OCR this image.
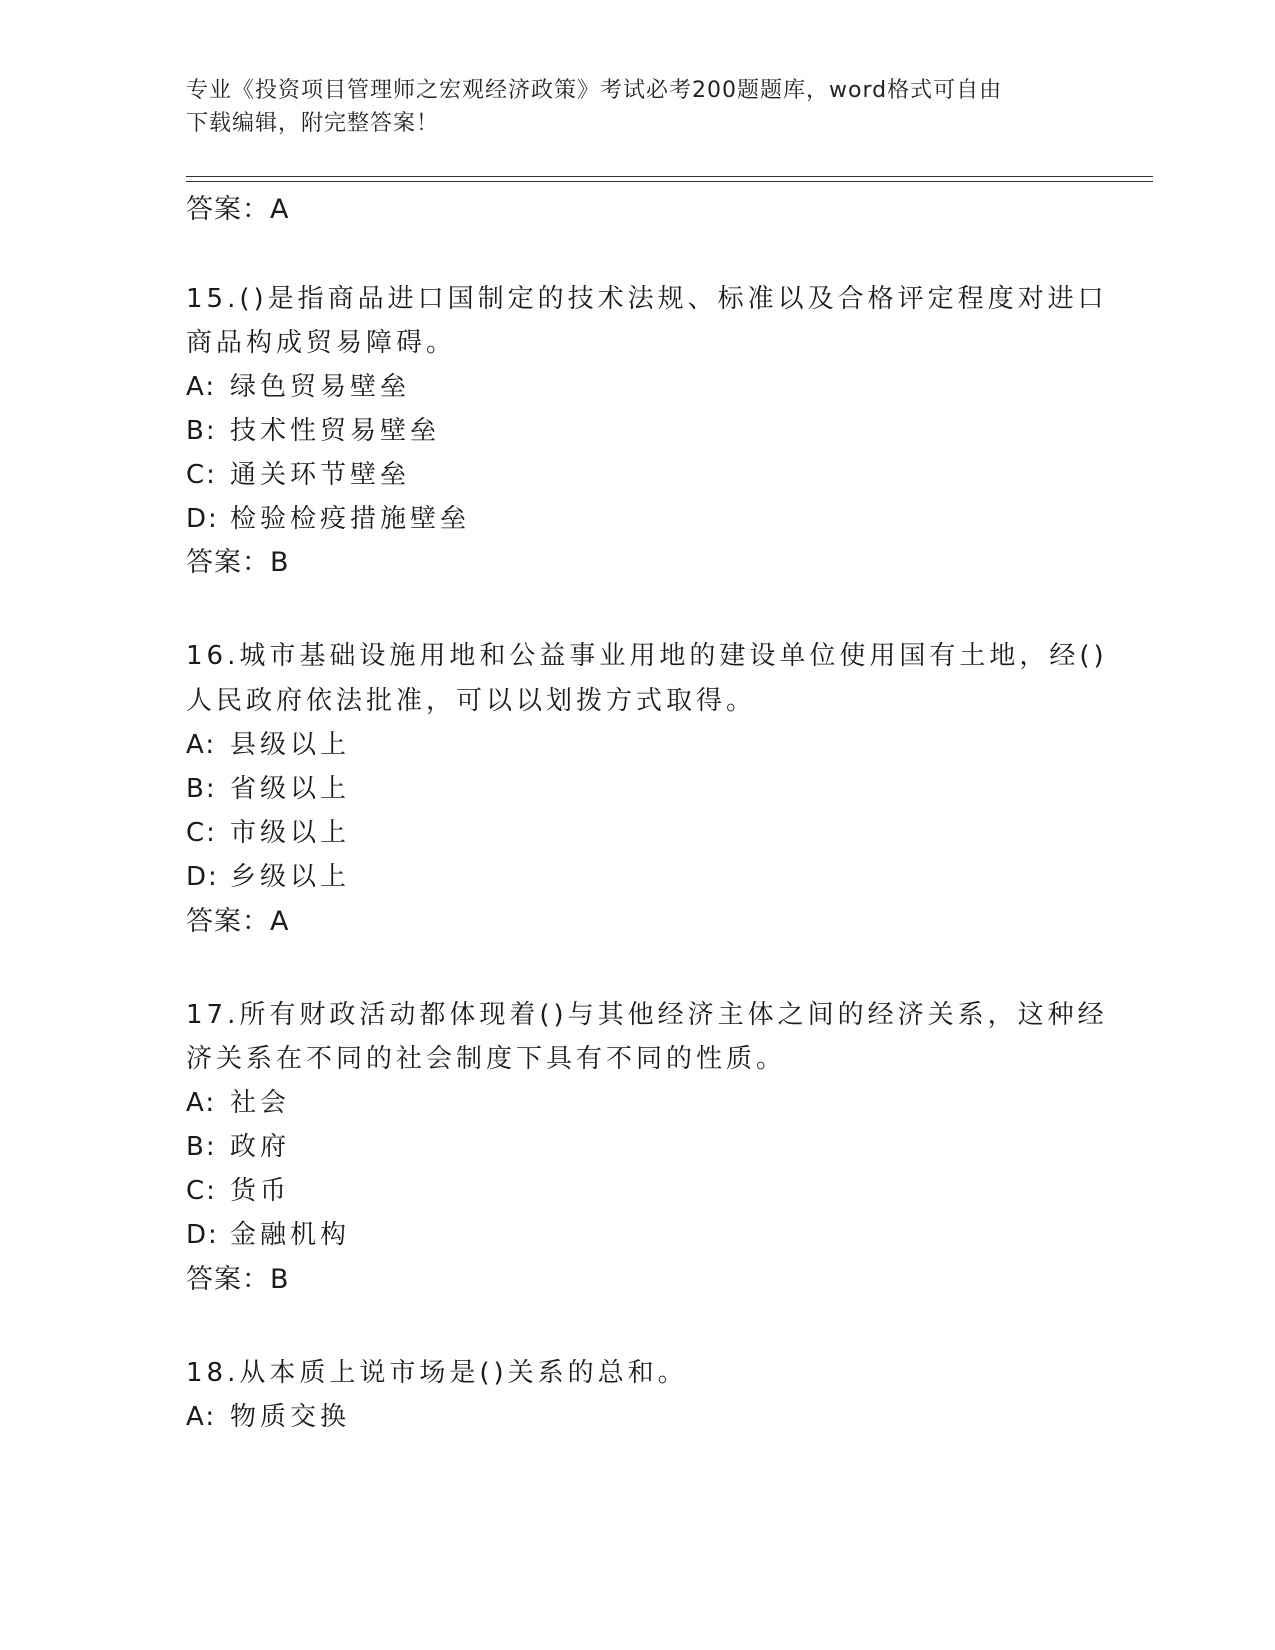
专业《投资项目管理师之宏观经济政策》考试必考200题题库，word格式可自由
下载编辑，附完整答案！
答案：A
15.()是指商品进口国制定的技术法规、标准以及合格评定程度对进口
商品构成贸易障碍。
A: 绿色贸易壁垒
B: 技术性贸易壁垒
C: 通关环节壁垒
D: 检验检疫措施壁垒
答案：B
16.城市基础设施用地和公益事业用地的建设单位使用国有土地，经()
人民政府依法批准，可以以划拨方式取得。
A: 县级以上
B: 省级以上
C: 市级以上
D: 乡级以上
答案：A
17.所有财政活动都体现着()与其他经济主体之间的经济关系，这种经
济关系在不同的社会制度下具有不同的性质。
A: 社会
B: 政府
C: 货币
D: 金融机构
答案：B
18.从本质上说市场是()关系的总和。
A: 物质交换
